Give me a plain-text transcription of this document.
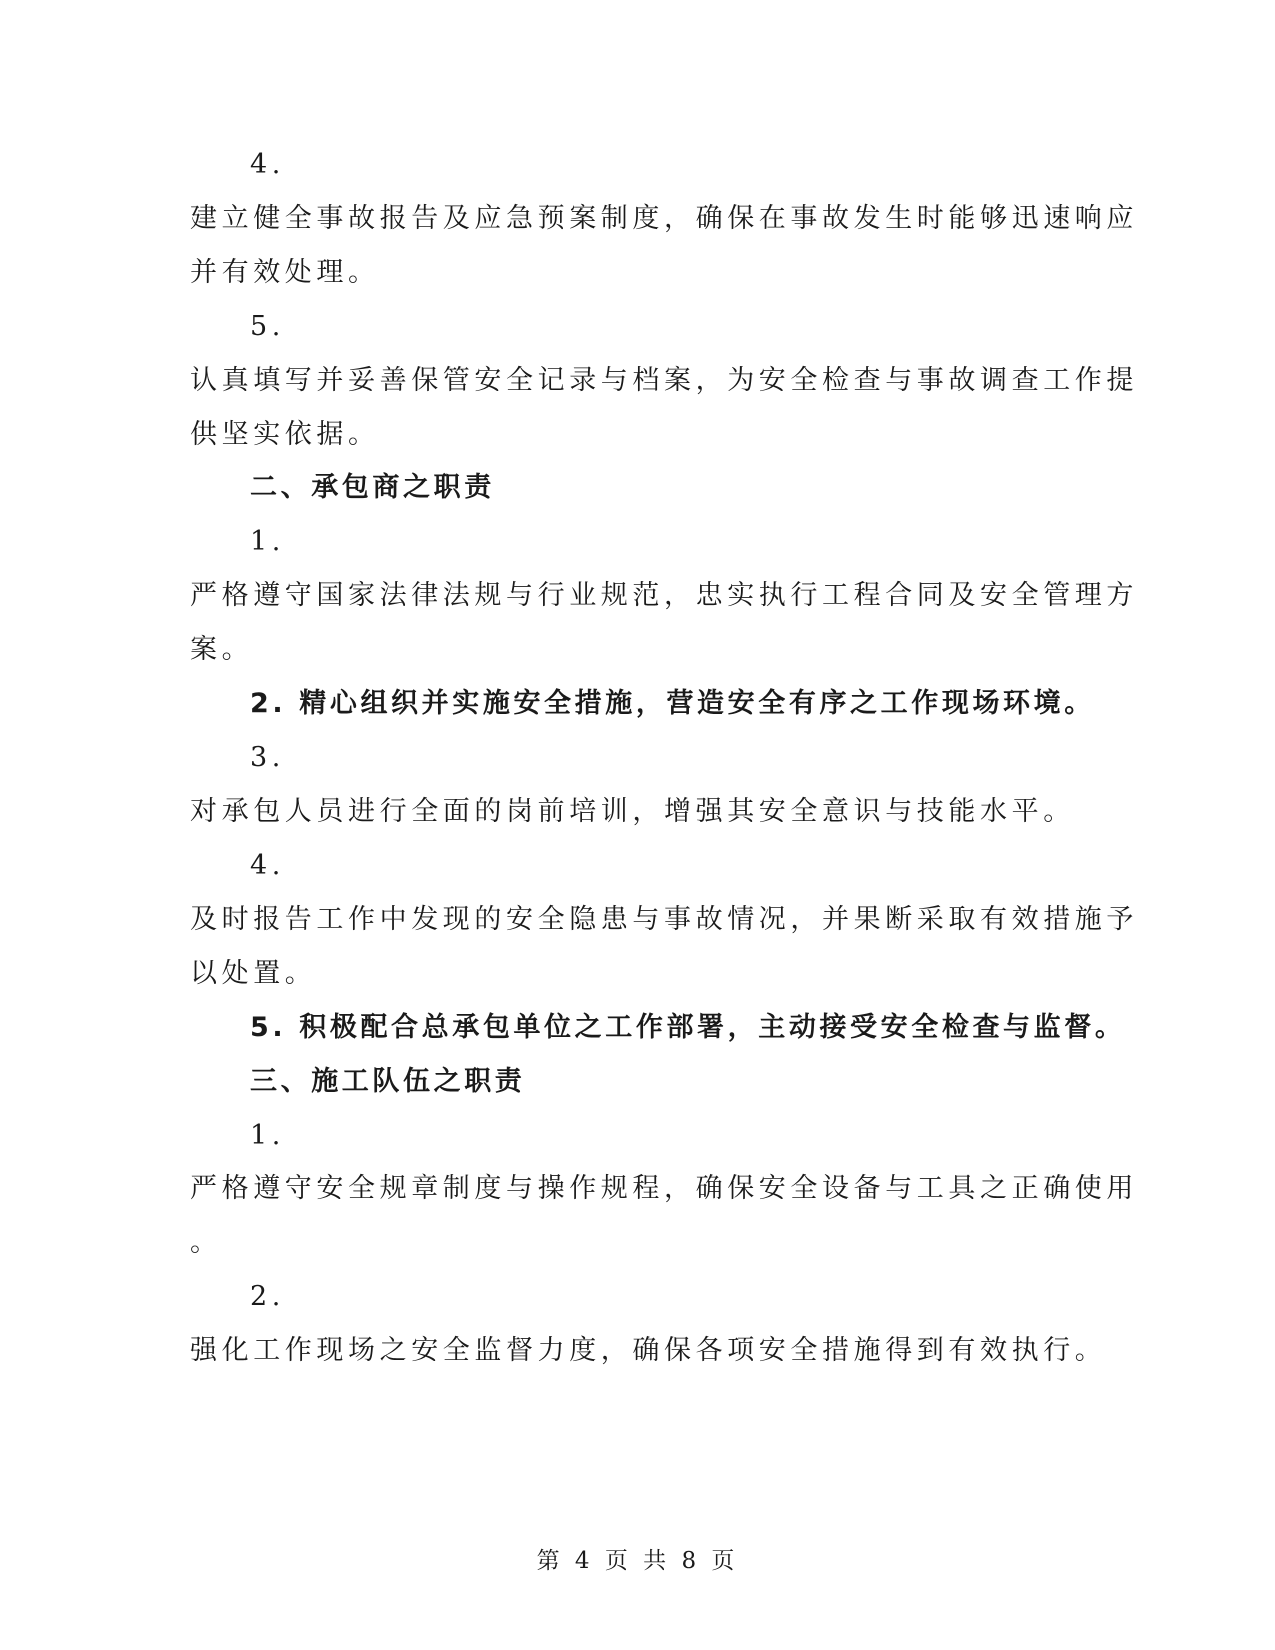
4.
建立健全事故报告及应急预案制度，确保在事故发生时能够迅速响应
并有效处理。
5.
认真填写并妥善保管安全记录与档案，为安全检查与事故调查工作提
供坚实依据。
二、承包商之职责
1.
严格遵守国家法律法规与行业规范，忠实执行工程合同及安全管理方
案。
2. 精心组织并实施安全措施，营造安全有序之工作现场环境。
3.
对承包人员进行全面的岗前培训，增强其安全意识与技能水平。
4.
及时报告工作中发现的安全隐患与事故情况，并果断采取有效措施予
以处置。
5. 积极配合总承包单位之工作部署，主动接受安全检查与监督。
三、施工队伍之职责
1.
严格遵守安全规章制度与操作规程，确保安全设备与工具之正确使用
。
2.
强化工作现场之安全监督力度，确保各项安全措施得到有效执行。
第 4 页 共 8 页
